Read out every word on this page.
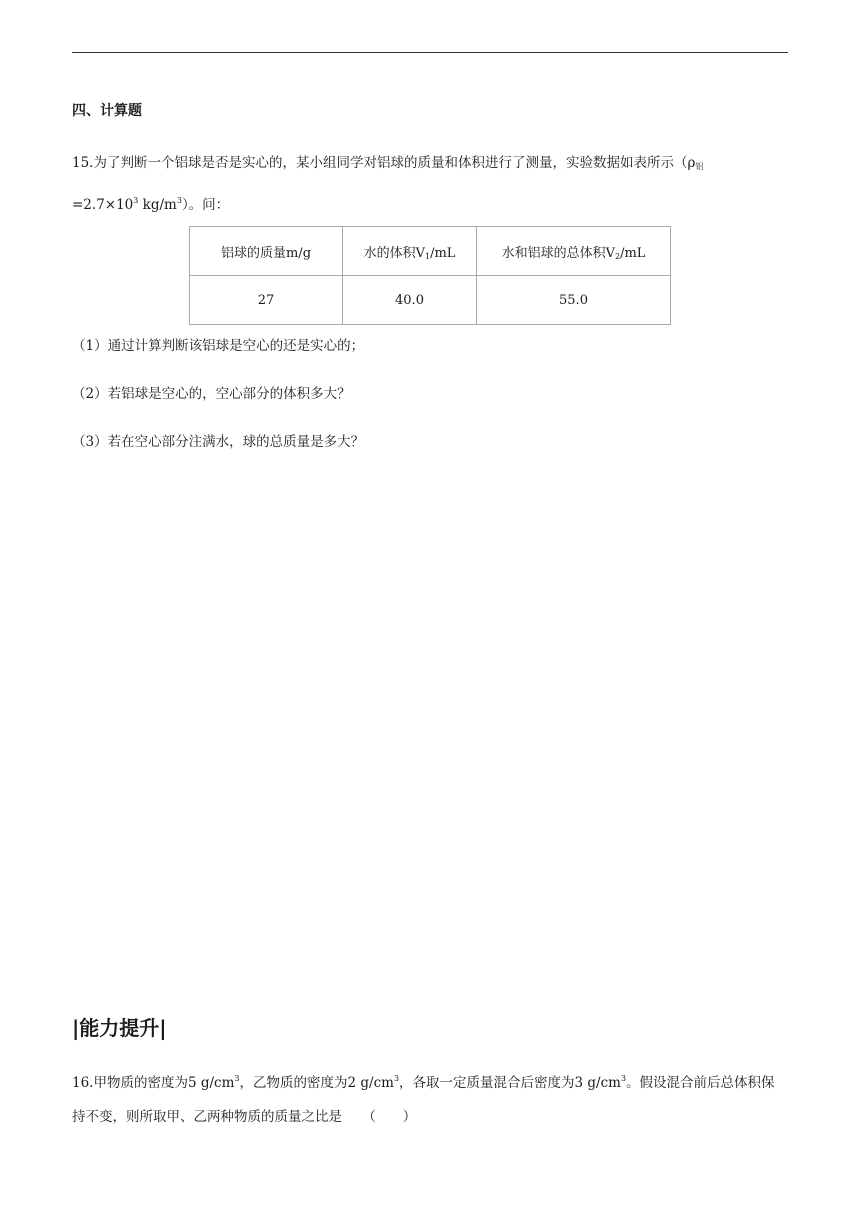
四、计算题
15.为了判断一个铝球是否是实心的，某小组同学对铝球的质量和体积进行了测量，实验数据如表所示（$\rho_铝$
$=2.7\times 10^3$ $kg/m^3$）。问：
铝球的质量m/g	水的体积$V_1/mL$	水和铝球的总体积$V_2/mL$
27	40.0	55.0
（1）通过计算判断该铝球是空心的还是实心的；
（2）若铝球是空心的，空心部分的体积多大？
（3）若在空心部分注满水，球的总质量是多大？
|能力提升|
16.甲物质的密度为5 $g/cm^3$，乙物质的密度为2 $g/cm^3$，各取一定质量混合后密度为3 $g/cm^3$。假设混合前后总体积保持不变，则所取甲、乙两种物质的质量之比是　　（　　）
